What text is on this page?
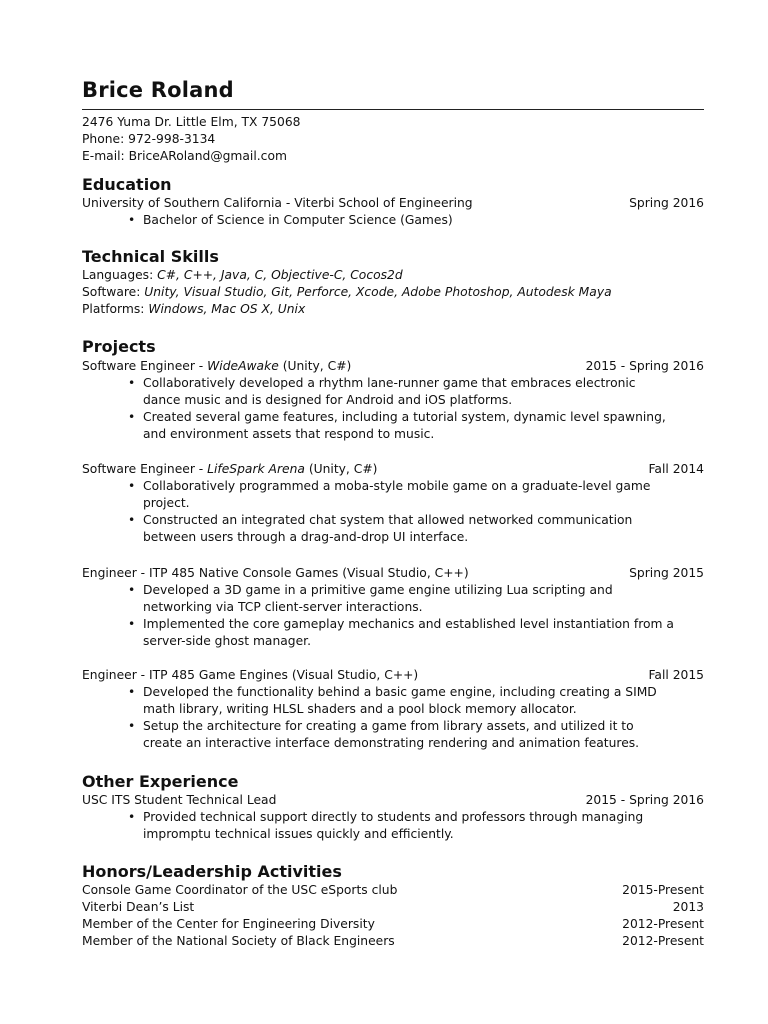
Brice Roland
2476 Yuma Dr. Little Elm, TX 75068
Phone: 972-998-3134
E-mail: BriceARoland@gmail.com
Education
University of Southern California - Viterbi School of Engineering	Spring 2016
• Bachelor of Science in Computer Science (Games)
Technical Skills
Languages: C#, C++, Java, C, Objective-C, Cocos2d
Software: Unity, Visual Studio, Git, Perforce, Xcode, Adobe Photoshop, Autodesk Maya
Platforms: Windows, Mac OS X, Unix
Projects
Software Engineer - WideAwake (Unity, C#)	2015 - Spring 2016
• Collaboratively developed a rhythm lane-runner game that embraces electronic dance music and is designed for Android and iOS platforms.
• Created several game features, including a tutorial system, dynamic level spawning, and environment assets that respond to music.
Software Engineer - LifeSpark Arena (Unity, C#)	Fall 2014
• Collaboratively programmed a moba-style mobile game on a graduate-level game project.
• Constructed an integrated chat system that allowed networked communication between users through a drag-and-drop UI interface.
Engineer - ITP 485 Native Console Games (Visual Studio, C++)	Spring 2015
• Developed a 3D game in a primitive game engine utilizing Lua scripting and networking via TCP client-server interactions.
• Implemented the core gameplay mechanics and established level instantiation from a server-side ghost manager.
Engineer - ITP 485 Game Engines (Visual Studio, C++)	Fall 2015
• Developed the functionality behind a basic game engine, including creating a SIMD math library, writing HLSL shaders and a pool block memory allocator.
• Setup the architecture for creating a game from library assets, and utilized it to create an interactive interface demonstrating rendering and animation features.
Other Experience
USC ITS Student Technical Lead	2015 - Spring 2016
• Provided technical support directly to students and professors through managing impromptu technical issues quickly and efficiently.
Honors/Leadership Activities
Console Game Coordinator of the USC eSports club	2015-Present
Viterbi Dean’s List	2013
Member of the Center for Engineering Diversity	2012-Present
Member of the National Society of Black Engineers	2012-Present
